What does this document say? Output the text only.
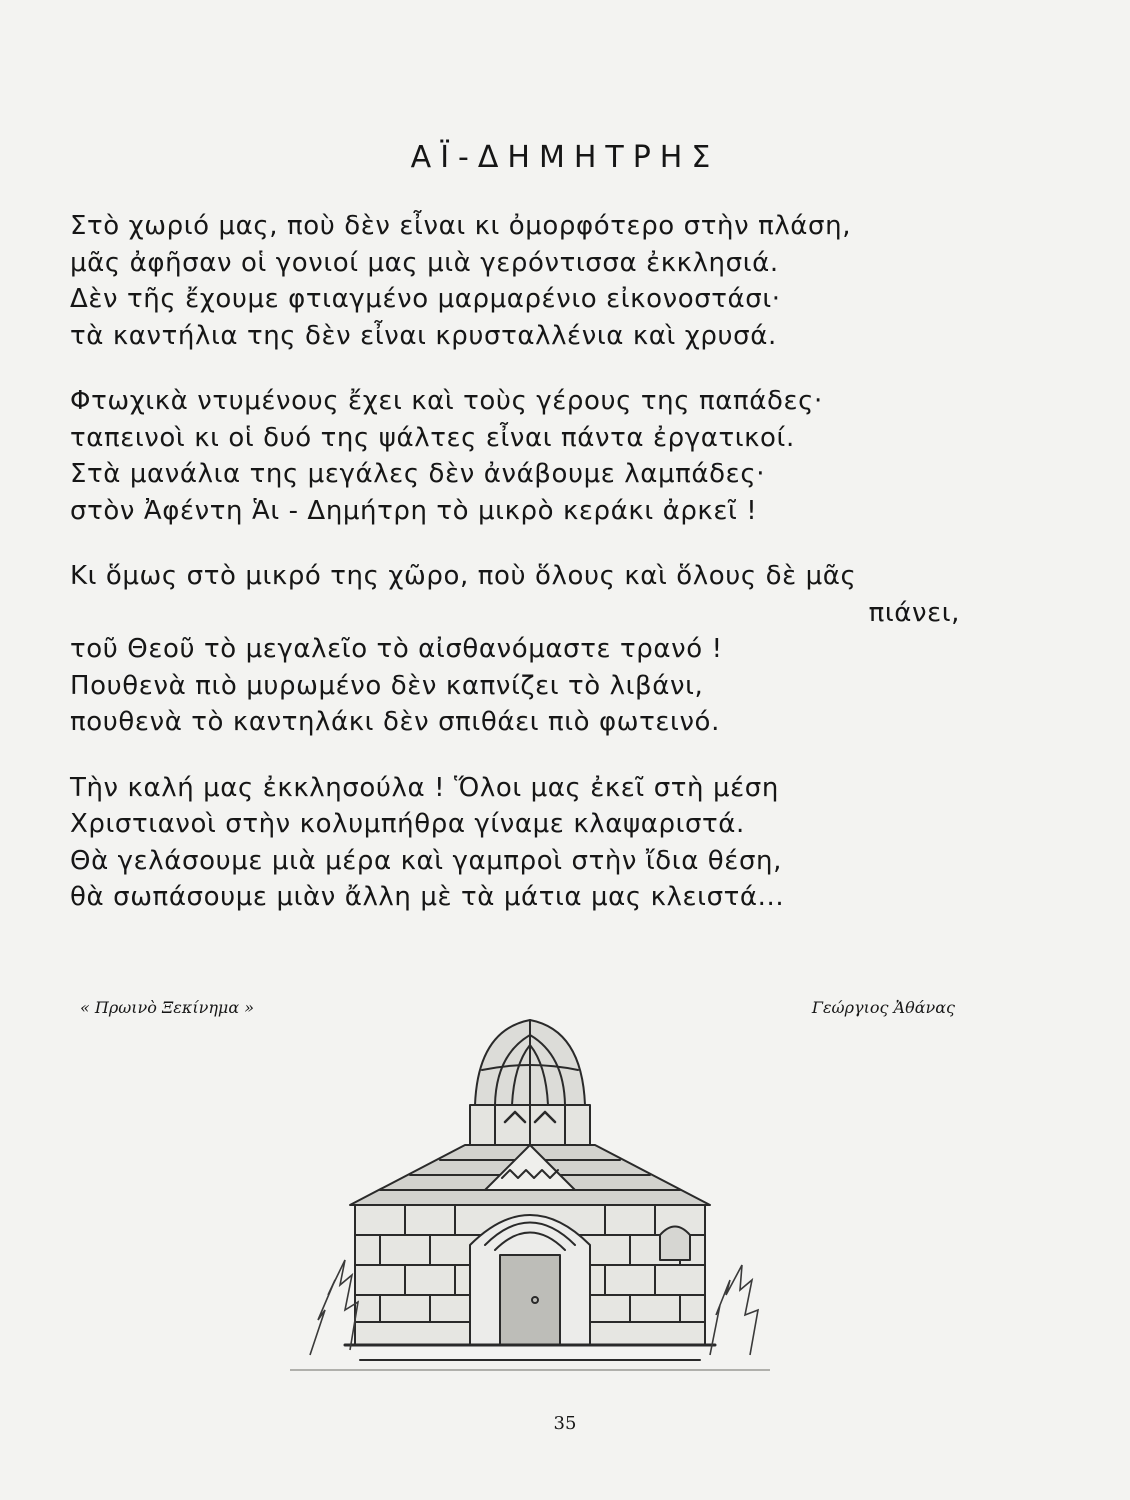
ΑΪ-ΔΗΜΗΤΡΗΣ
Στὸ χωριό μας, ποὺ δὲν εἶναι κι ὀμορφότερο στὴν πλάση,
μᾶς ἀφῆσαν οἱ γονιοί μας μιὰ γερόντισσα ἐκκλησιά.
Δὲν τῆς ἔχουμε φτιαγμένο μαρμαρένιο εἰκονοστάσι·
τὰ καντήλια της δὲν εἶναι κρυσταλλένια καὶ χρυσά.
Φτωχικὰ ντυμένους ἔχει καὶ τοὺς γέρους της παπάδες·
ταπεινοὶ κι οἱ δυό της ψάλτες εἶναι πάντα ἐργατικοί.
Στὰ μανάλια της μεγάλες δὲν ἀνάβουμε λαμπάδες·
στὸν Ἀφέντη Ἁι - Δημήτρη τὸ μικρὸ κεράκι ἀρκεῖ !
Κι ὅμως στὸ μικρό της χῶρο, ποὺ ὅλους καὶ ὅλους δὲ μᾶς
πιάνει,
τοῦ Θεοῦ τὸ μεγαλεῖο τὸ αἰσθανόμαστε τρανό !
Πουθενὰ πιὸ μυρωμένο δὲν καπνίζει τὸ λιβάνι,
πουθενὰ τὸ καντηλάκι δὲν σπιθάει πιὸ φωτεινό.
Τὴν καλή μας ἐκκλησούλα ! Ὅλοι μας ἐκεῖ στὴ μέση
Χριστιανοὶ στὴν κολυμπήθρα γίναμε κλαψαριστά.
Θὰ γελάσουμε μιὰ μέρα καὶ γαμπροὶ στὴν ἴδια θέση,
θὰ σωπάσουμε μιὰν ἄλλη μὲ τὰ μάτια μας κλειστά...
« Πρωινὸ Ξεκίνημα »	Γεώργιος Ἀθάνας
35
